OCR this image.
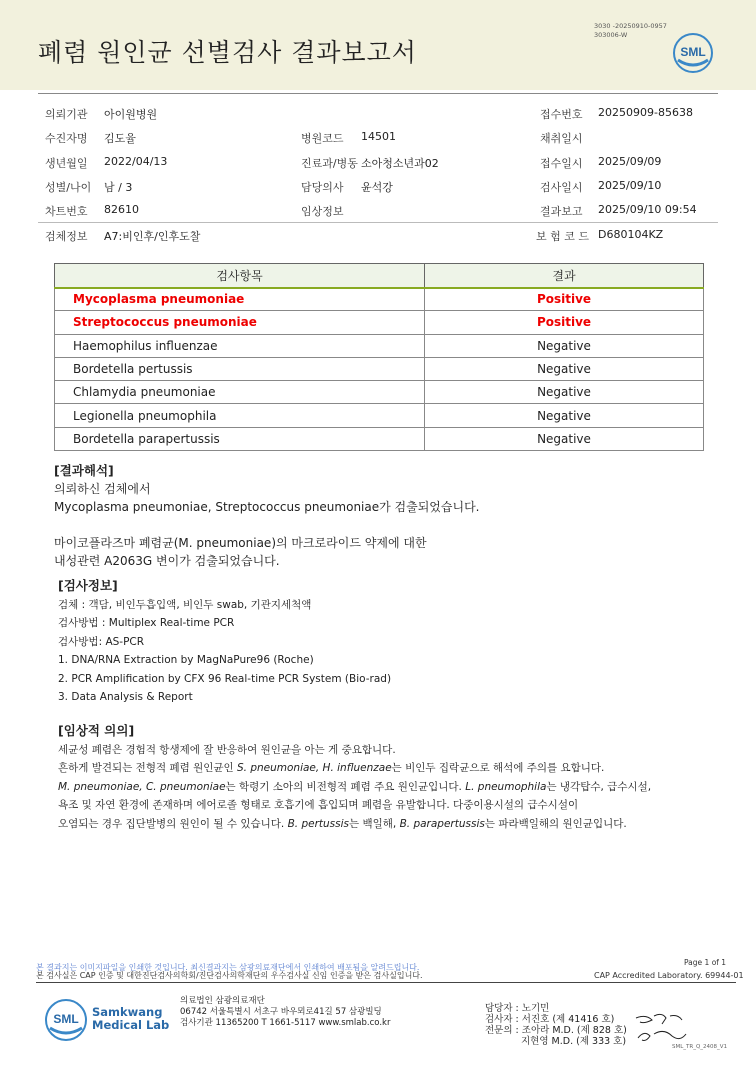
폐렴 원인균 선별검사 결과보고서
3030 -20250910-0957
303006-W
SML
의뢰기관 아이원병원	접수번호 20250909-85638
수진자명 김도율	병원코드 14501	채취일시
생년월일 2022/04/13	진료과/병동 소아청소년과02	접수일시 2025/09/09
성별/나이 남 / 3	담당의사 윤석강	검사일시 2025/09/10
차트번호 82610	임상정보	결과보고 2025/09/10 09:54
검체정보 A7:비인후/인후도찰	보 험 코 드 D680104KZ
검사항목	결과
Mycoplasma pneumoniae	Positive
Streptococcus pneumoniae	Positive
Haemophilus influenzae	Negative
Bordetella pertussis	Negative
Chlamydia pneumoniae	Negative
Legionella pneumophila	Negative
Bordetella parapertussis	Negative
[결과해석]
의뢰하신 검체에서
Mycoplasma pneumoniae, Streptococcus pneumoniae가 검출되었습니다.
마이코플라즈마 폐렴균(M. pneumoniae)의 마크로라이드 약제에 대한
내성관련 A2063G 변이가 검출되었습니다.
[검사정보]
검체 : 객담, 비인두흡입액, 비인두 swab, 기관지세척액
검사방법 : Multiplex Real-time PCR
검사방법: AS-PCR
1. DNA/RNA Extraction by MagNaPure96 (Roche)
2. PCR Amplification by CFX 96 Real-time PCR System (Bio-rad)
3. Data Analysis & Report
[임상적 의의]
세균성 폐렴은 경험적 항생제에 잘 반응하여 원인균을 아는 게 중요합니다.
흔하게 발견되는 전형적 폐렴 원인균인 S. pneumoniae, H. influenzae는 비인두 집락균으로 해석에 주의를 요합니다.
M. pneumoniae, C. pneumoniae는 학령기 소아의 비전형적 폐렴 주요 원인균입니다. L. pneumophila는 냉각탑수, 급수시설,
욕조 및 자연 환경에 존재하며 에어로졸 형태로 호흡기에 흡입되며 폐렴을 유발합니다. 다중이용시설의 급수시설이
오염되는 경우 집단발병의 원인이 될 수 있습니다. B. pertussis는 백일해, B. parapertussis는 파라백일해의 원인균입니다.
본 결과지는 이미지파일을 인쇄한 것입니다. 최신결과지는 삼광의료재단에서 인쇄하여 배포됨을 알려드립니다.
Page 1 of 1
본 검사실은 CAP 인증 및 대한진단검사의학회/진단검사의학재단의 우수검사실 신임 인증을 받은 검사실입니다.	CAP Accredited Laboratory. 69944-01
SML Samkwang
Medical Lab
의료법인 삼광의료재단
06742 서울특별시 서초구 바우뫼로41길 57 삼광빌딩
검사기관 11365200 T 1661-5117 www.smlab.co.kr
담당자 : 노기민
검사자 : 서진호 (제 41416 호)
전문의 : 조아라 M.D. (제 828 호)
지현영 M.D. (제 333 호)	SML_TR_Q_2408_V1
